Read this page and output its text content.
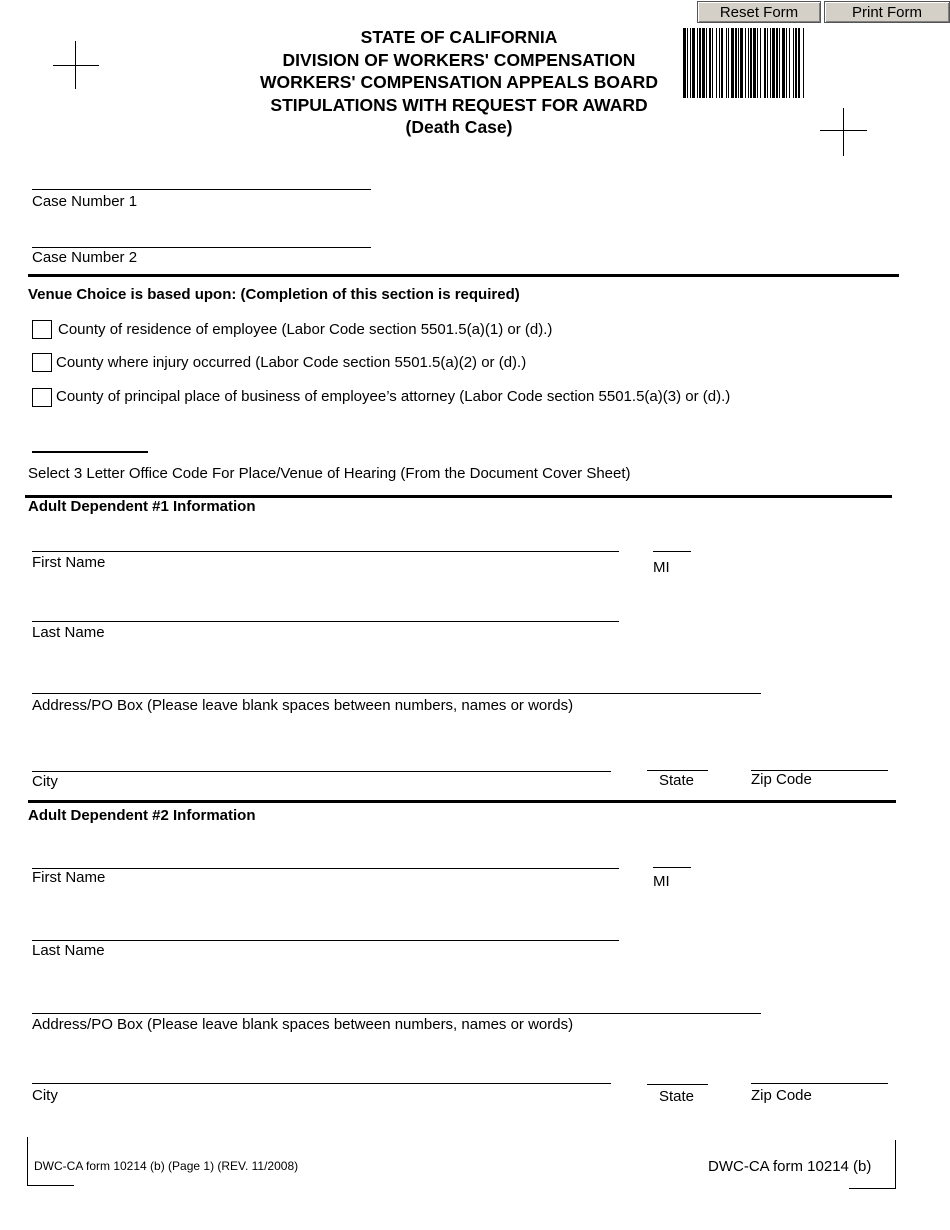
Reset Form	Print Form
STATE OF CALIFORNIA
DIVISION OF WORKERS' COMPENSATION
WORKERS' COMPENSATION APPEALS BOARD
STIPULATIONS WITH REQUEST FOR AWARD
(Death Case)
Case Number 1
Case Number 2
Venue Choice is based upon: (Completion of this section is required)
County of residence of employee (Labor Code section 5501.5(a)(1) or (d).)
County where injury occurred (Labor Code section 5501.5(a)(2) or (d).)
County of principal place of business of employee’s attorney (Labor Code section 5501.5(a)(3) or (d).)
Select 3 Letter Office Code For Place/Venue of Hearing (From the Document Cover Sheet)
Adult Dependent #1 Information
First Name	MI
Last Name
Address/PO Box (Please leave blank spaces between numbers, names or words)
City	State	Zip Code
Adult Dependent #2 Information
First Name	MI
Last Name
Address/PO Box (Please leave blank spaces between numbers, names or words)
City	State	Zip Code
DWC-CA form 10214 (b) (Page 1) (REV. 11/2008)	DWC-CA form 10214 (b)
